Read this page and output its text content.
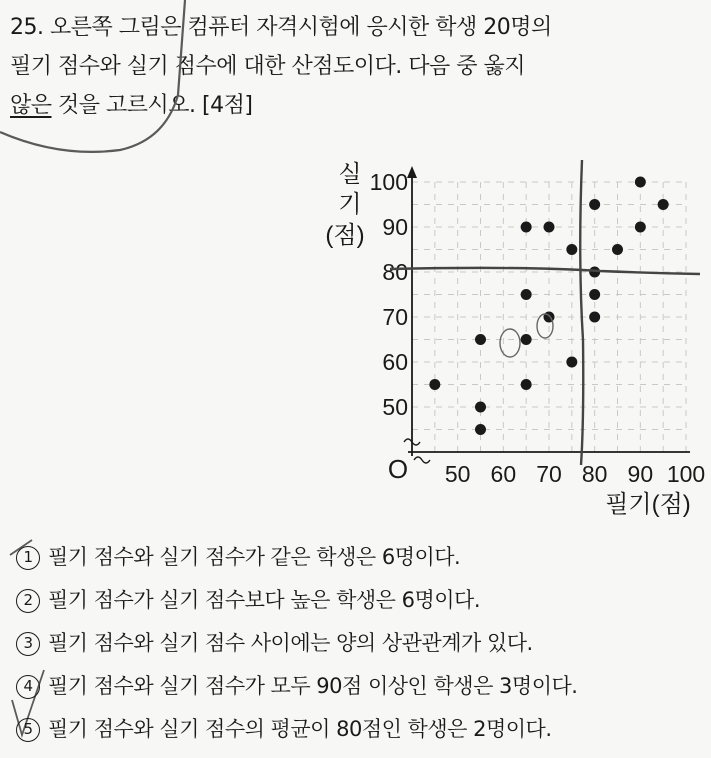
25. 오른쪽 그림은 컴퓨터 자격시험에 응시한 학생 20명의
필기 점수와 실기 점수에 대한 산점도이다. 다음 중 옳지
않은 것을 고르시오. [4점]
50 60 70 80 90 100
50
60
70
80
90
100
실
기
(점)
O
필기(점)
1 필기 점수와 실기 점수가 같은 학생은 6명이다.
2 필기 점수가 실기 점수보다 높은 학생은 6명이다.
3 필기 점수와 실기 점수 사이에는 양의 상관관계가 있다.
4 필기 점수와 실기 점수가 모두 90점 이상인 학생은 3명이다.
5 필기 점수와 실기 점수의 평균이 80점인 학생은 2명이다.
